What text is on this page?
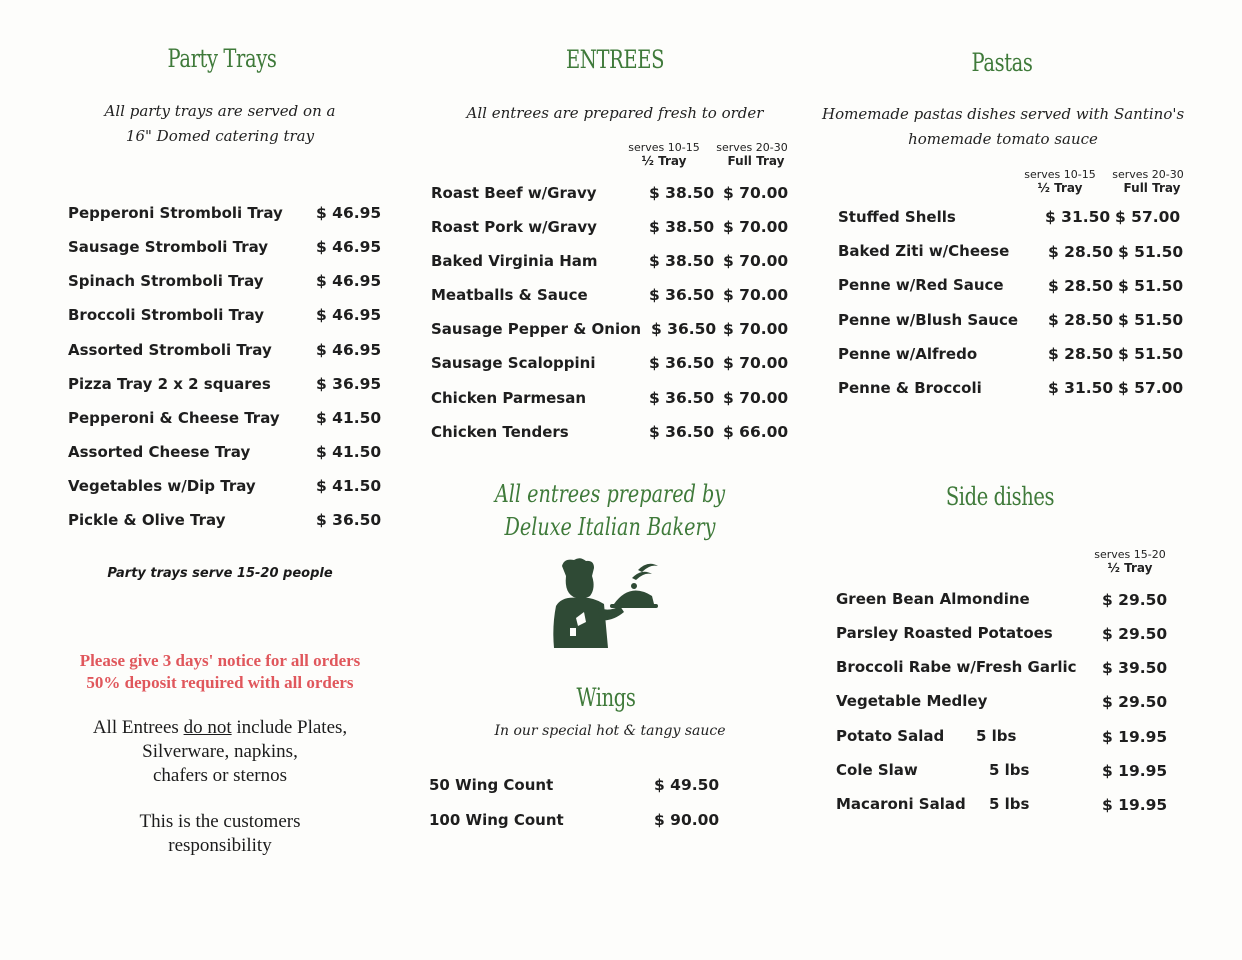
Party Trays
All party trays are served on a
16" Domed catering tray
Pepperoni Stromboli Tray $ 46.95
Sausage Stromboli Tray	$ 46.95
Spinach Stromboli Tray	$ 46.95
Broccoli Stromboli Tray	$ 46.95
Assorted Stromboli Tray	$ 46.95
Pizza Tray 2 x 2 squares	$ 36.95
Pepperoni & Cheese Tray $ 41.50
Assorted Cheese Tray	$ 41.50
Vegetables w/Dip Tray	$ 41.50
Pickle & Olive Tray	$ 36.50
Party trays serve 15-20 people
Please give 3 days' notice for all orders
50% deposit required with all orders
All Entrees do not include Plates,
Silverware, napkins,
chafers or sternos
This is the customers
responsibility
ENTREES
All entrees are prepared fresh to order
serves 10-15
½ Tray
serves 20-30
Full Tray
Roast Beef w/Gravy	$ 38.50 $ 70.00
Roast Pork w/Gravy	$ 38.50 $ 70.00
Baked Virginia Ham	$ 38.50 $ 70.00
Meatballs & Sauce	$ 36.50 $ 70.00
Sausage Pepper & Onion $ 36.50 $ 70.00
Sausage Scaloppini	$ 36.50 $ 70.00
Chicken Parmesan	$ 36.50 $ 70.00
Chicken Tenders	$ 36.50 $ 66.00
All entrees prepared by
Deluxe Italian Bakery
Wings
In our special hot & tangy sauce
50 Wing Count	$ 49.50
100 Wing Count	$ 90.00
Pastas
Homemade pastas dishes served with Santino's
homemade tomato sauce
serves 10-15
½ Tray
serves 20-30
Full Tray
Stuffed Shells	$ 31.50 $ 57.00
Baked Ziti w/Cheese $ 28.50 $ 51.50
Penne w/Red Sauce	$ 28.50 $ 51.50
Penne w/Blush Sauce $ 28.50 $ 51.50
Penne w/Alfredo	$ 28.50 $ 51.50
Penne & Broccoli	$ 31.50 $ 57.00
Side dishes
serves 15-20
½ Tray
Green Bean Almondine	$ 29.50
Parsley Roasted Potatoes	$ 29.50
Broccoli Rabe w/Fresh Garlic $ 39.50
Vegetable Medley	$ 29.50
Potato Salad 5 lbs	$ 19.95
Cole Slaw	5 lbs	$ 19.95
Macaroni Salad 5 lbs	$ 19.95
